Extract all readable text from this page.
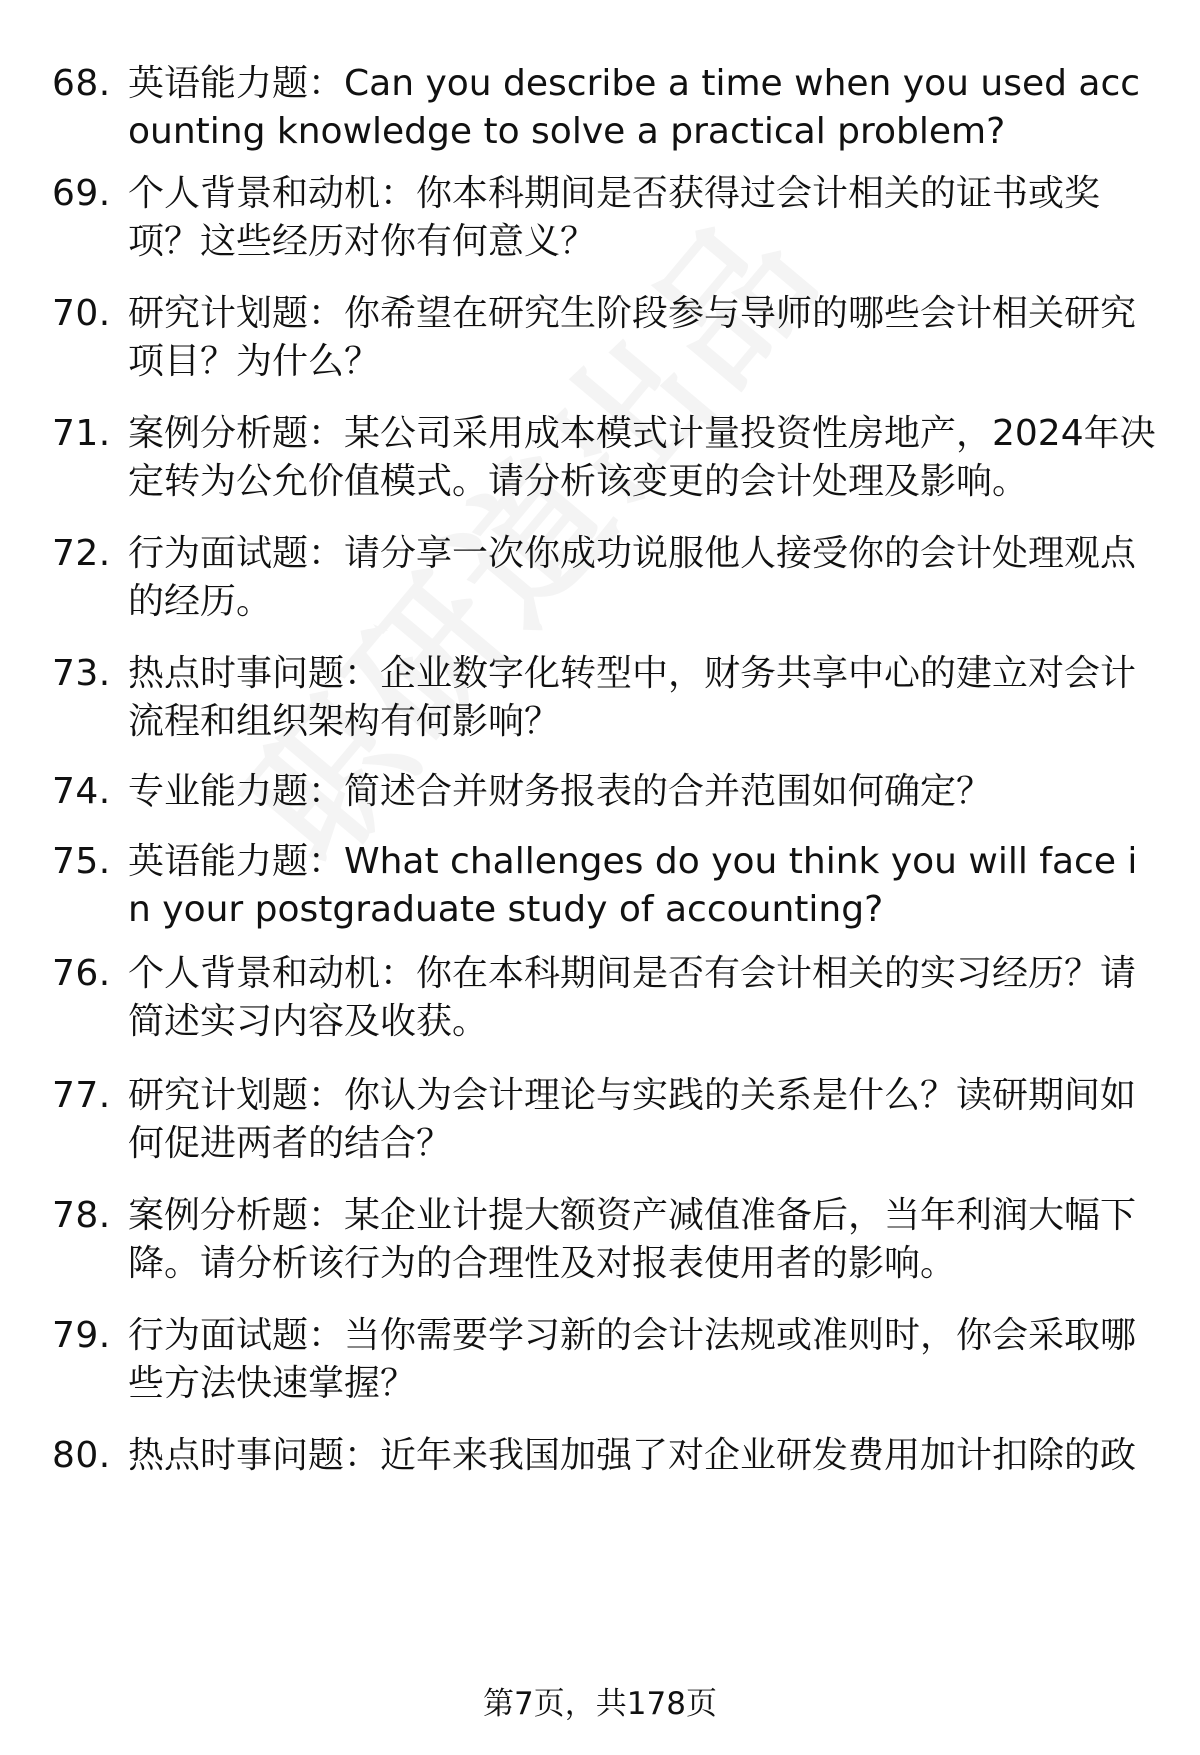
68. 英语能力题：Can you describe a time when you used accounting knowledge to solve a practical problem?
69. 个人背景和动机：你本科期间是否获得过会计相关的证书或奖项？这些经历对你有何意义？
70. 研究计划题：你希望在研究生阶段参与导师的哪些会计相关研究项目？为什么？
71. 案例分析题：某公司采用成本模式计量投资性房地产，2024年决定转为公允价值模式。请分析该变更的会计处理及影响。
72. 行为面试题：请分享一次你成功说服他人接受你的会计处理观点的经历。
73. 热点时事问题：企业数字化转型中，财务共享中心的建立对会计流程和组织架构有何影响？
74. 专业能力题：简述合并财务报表的合并范围如何确定？
75. 英语能力题：What challenges do you think you will face in your postgraduate study of accounting?
76. 个人背景和动机：你在本科期间是否有会计相关的实习经历？请简述实习内容及收获。
77. 研究计划题：你认为会计理论与实践的关系是什么？读研期间如何促进两者的结合？
78. 案例分析题：某企业计提大额资产减值准备后，当年利润大幅下降。请分析该行为的合理性及对报表使用者的影响。
79. 行为面试题：当你需要学习新的会计法规或准则时，你会采取哪些方法快速掌握？
80. 热点时事问题：近年来我国加强了对企业研发费用加计扣除的政
第7页，共178页
